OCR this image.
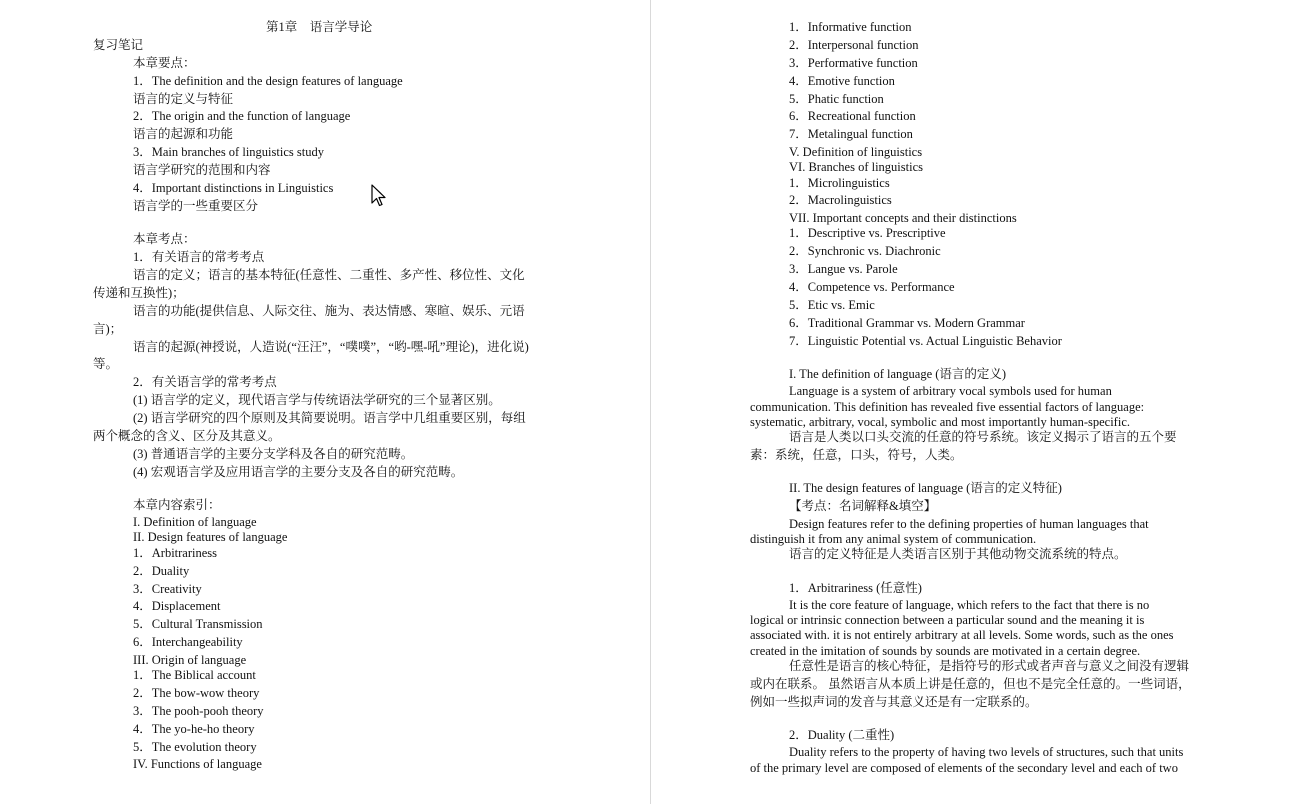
第1章　语言学导论
复习笔记
本章要点：
1．The definition and the design features of language
语言的定义与特征
2．The origin and the function of language
语言的起源和功能
3．Main branches of linguistics study
语言学研究的范围和内容
4．Important distinctions in Linguistics
语言学的一些重要区分
本章考点：
1．有关语言的常考考点
语言的定义；语言的基本特征(任意性、二重性、多产性、移位性、文化
传递和互换性)；
语言的功能(提供信息、人际交往、施为、表达情感、寒暄、娱乐、元语
言)；
语言的起源(神授说，人造说(“汪汪”，“噗噗”，“哟-嘿-吼”理论)，进化说)
等。
2．有关语言学的常考考点
(1) 语言学的定义，现代语言学与传统语法学研究的三个显著区别。
(2) 语言学研究的四个原则及其简要说明。语言学中几组重要区别，每组
两个概念的含义、区分及其意义。
(3) 普通语言学的主要分支学科及各自的研究范畴。
(4) 宏观语言学及应用语言学的主要分支及各自的研究范畴。
本章内容索引：
I. Definition of language
II. Design features of language
1．Arbitrariness
2．Duality
3．Creativity
4．Displacement
5．Cultural Transmission
6．Interchangeability
III. Origin of language
1．The Biblical account
2．The bow-wow theory
3．The pooh-pooh theory
4．The yo-he-ho theory
5．The evolution theory
IV. Functions of language
1．Informative function
2．Interpersonal function
3．Performative function
4．Emotive function
5．Phatic function
6．Recreational function
7．Metalingual function
V. Definition of linguistics
VI. Branches of linguistics
1．Microlinguistics
2．Macrolinguistics
VII. Important concepts and their distinctions
1．Descriptive vs. Prescriptive
2．Synchronic vs. Diachronic
3．Langue vs. Parole
4．Competence vs. Performance
5．Etic vs. Emic
6．Traditional Grammar vs. Modern Grammar
7．Linguistic Potential vs. Actual Linguistic Behavior
I. The definition of language (语言的定义)
Language is a system of arbitrary vocal symbols used for human
communication. This definition has revealed five essential factors of language:
systematic, arbitrary, vocal, symbolic and most importantly human-specific.
语言是人类以口头交流的任意的符号系统。该定义揭示了语言的五个要
素：系统，任意，口头，符号，人类。
II. The design features of language (语言的定义特征)
【考点：名词解释&填空】
Design features refer to the defining properties of human languages that
distinguish it from any animal system of communication.
语言的定义特征是人类语言区别于其他动物交流系统的特点。
1．Arbitrariness (任意性)
It is the core feature of language, which refers to the fact that there is no
logical or intrinsic connection between a particular sound and the meaning it is
associated with. it is not entirely arbitrary at all levels. Some words, such as the ones
created in the imitation of sounds by sounds are motivated in a certain degree.
任意性是语言的核心特征，是指符号的形式或者声音与意义之间没有逻辑
或内在联系。 虽然语言从本质上讲是任意的，但也不是完全任意的。一些词语，
例如一些拟声词的发音与其意义还是有一定联系的。
2．Duality (二重性)
Duality refers to the property of having two levels of structures, such that units
of the primary level are composed of elements of the secondary level and each of two
